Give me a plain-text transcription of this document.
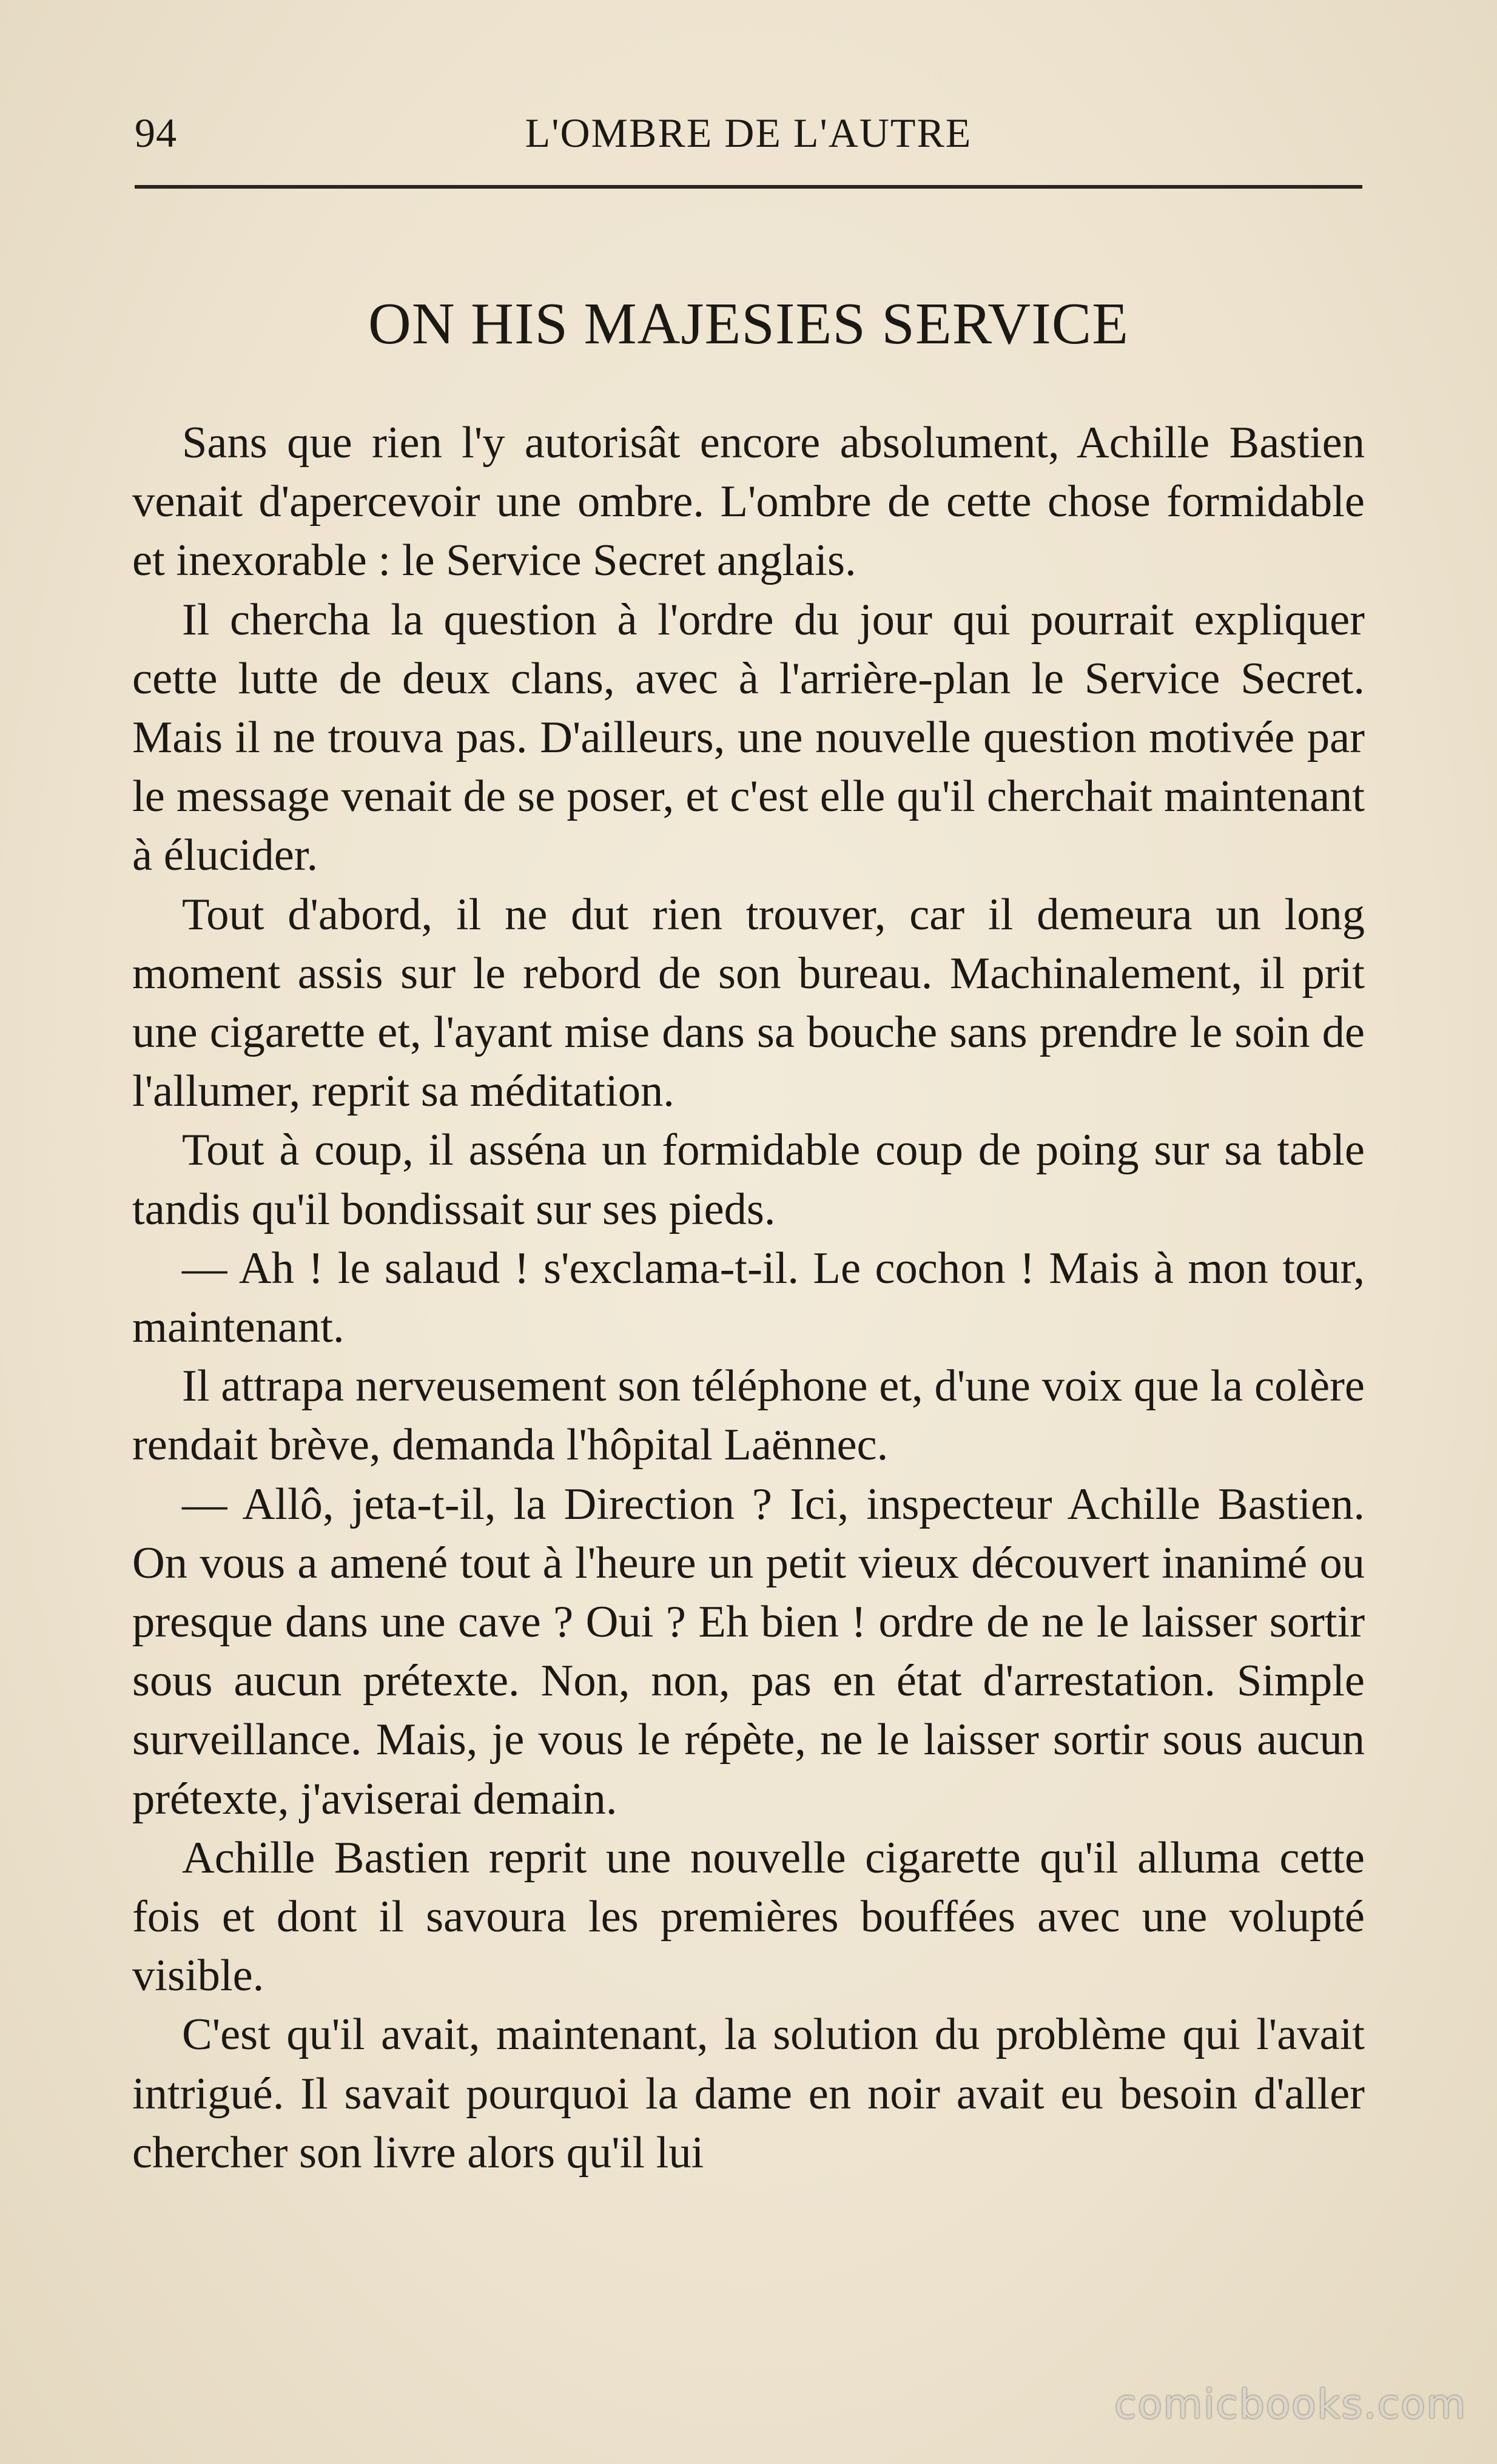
94	L'OMBRE DE L'AUTRE
ON HIS MAJESIES SERVICE

Sans que rien l'y autorisât encore absolument, Achille Bastien venait d'apercevoir une ombre. L'ombre de cette chose formidable et inexorable : le Service Secret anglais.

Il chercha la question à l'ordre du jour qui pourrait expliquer cette lutte de deux clans, avec à l'arrière-plan le Service Secret. Mais il ne trouva pas. D'ailleurs, une nouvelle question motivée par le message venait de se poser, et c'est elle qu'il cherchait maintenant à élucider.

Tout d'abord, il ne dut rien trouver, car il demeura un long moment assis sur le rebord de son bureau. Machinalement, il prit une cigarette et, l'ayant mise dans sa bouche sans prendre le soin de l'allumer, reprit sa méditation.

Tout à coup, il asséna un formidable coup de poing sur sa table tandis qu'il bondissait sur ses pieds.

— Ah ! le salaud ! s'exclama-t-il. Le cochon ! Mais à mon tour, maintenant.

Il attrapa nerveusement son téléphone et, d'une voix que la colère rendait brève, demanda l'hôpital Laënnec.

— Allô, jeta-t-il, la Direction ? Ici, inspecteur Achille Bastien. On vous a amené tout à l'heure un petit vieux découvert inanimé ou presque dans une cave ? Oui ? Eh bien ! ordre de ne le laisser sortir sous aucun prétexte. Non, non, pas en état d'arrestation. Simple surveillance. Mais, je vous le répète, ne le laisser sortir sous aucun prétexte, j'aviserai demain.

Achille Bastien reprit une nouvelle cigarette qu'il alluma cette fois et dont il savoura les premières bouffées avec une volupté visible.

C'est qu'il avait, maintenant, la solution du problème qui l'avait intrigué. Il savait pourquoi la dame en noir avait eu besoin d'aller chercher son livre alors qu'il lui

comicbooks.com
